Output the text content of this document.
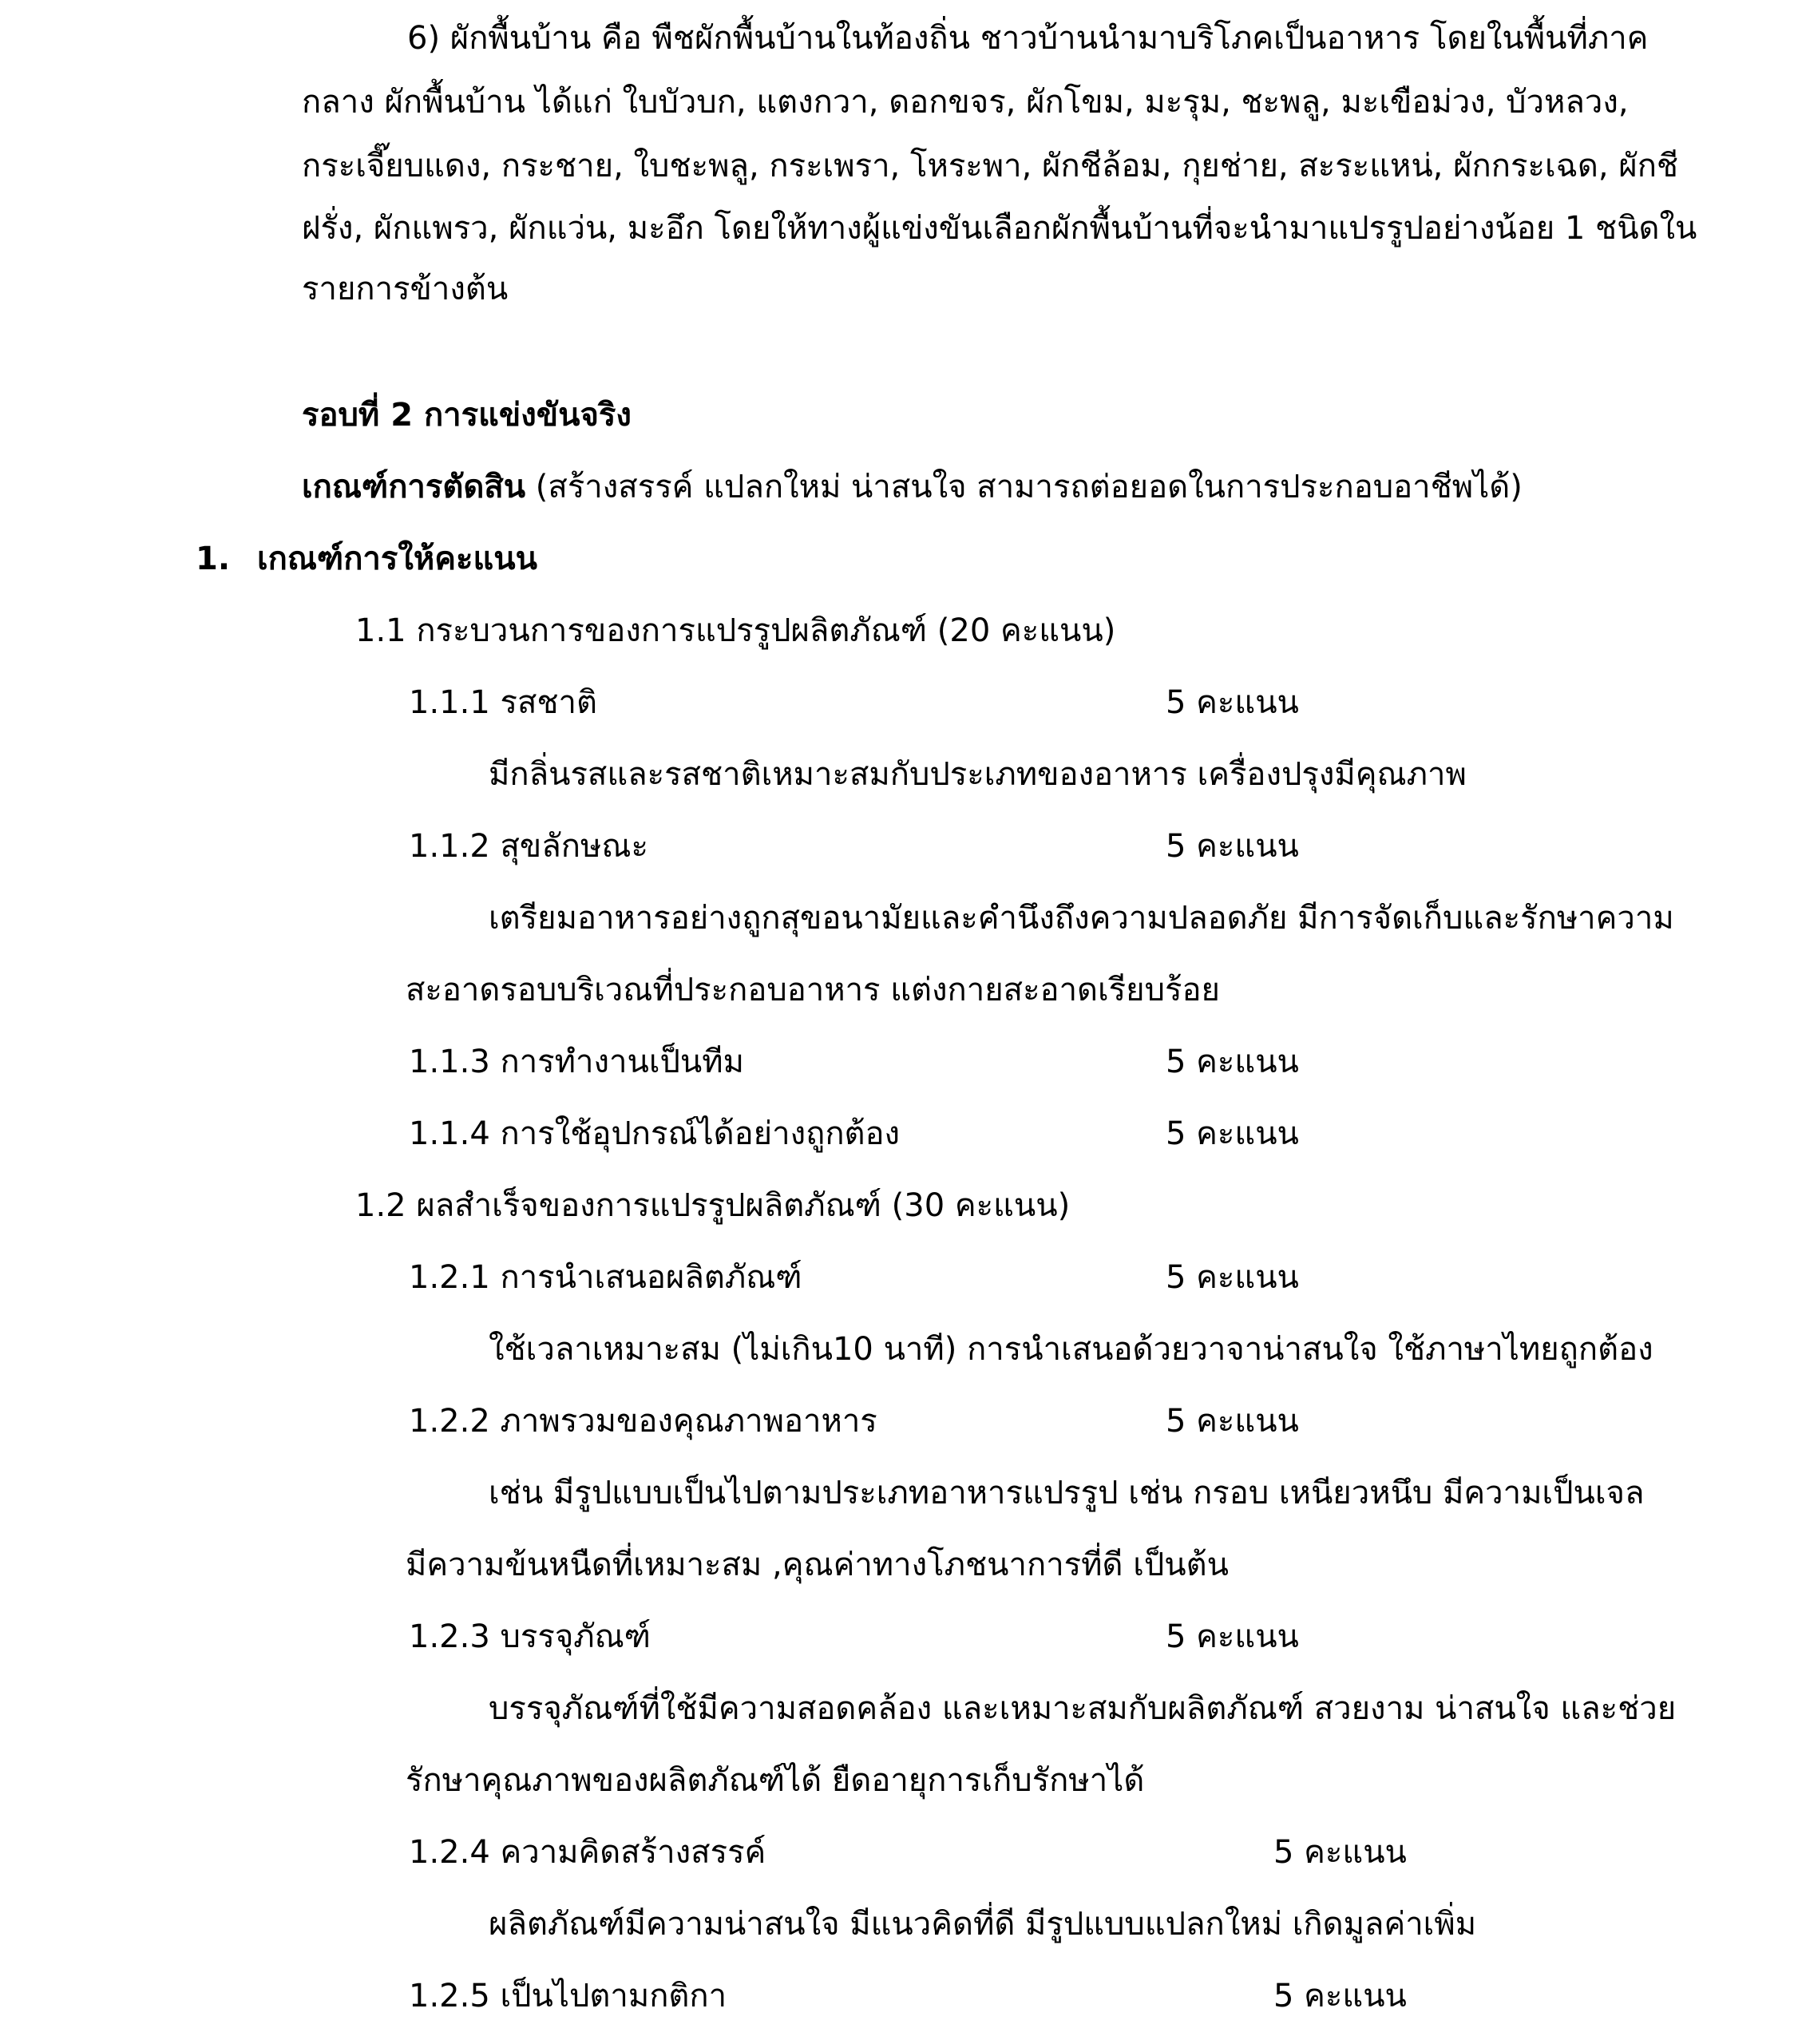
6) ผักพื้นบ้าน คือ พืชผักพื้นบ้านในท้องถิ่น ชาวบ้านนำมาบริโภคเป็นอาหาร โดยในพื้นที่ภาค
กลาง ผักพื้นบ้าน ได้แก่ ใบบัวบก, แตงกวา, ดอกขจร, ผักโขม, มะรุม, ชะพลู, มะเขือม่วง, บัวหลวง,
กระเจี๊ยบแดง, กระชาย, ใบชะพลู, กระเพรา, โหระพา, ผักชีล้อม, กุยช่าย, สะระแหน่, ผักกระเฉด, ผักชี
ฝรั่ง, ผักแพรว, ผักแว่น, มะอึก โดยให้ทางผู้แข่งขันเลือกผักพื้นบ้านที่จะนำมาแปรรูปอย่างน้อย 1 ชนิดใน
รายการข้างต้น
รอบที่ 2 การแข่งขันจริง
เกณฑ์การตัดสิน (สร้างสรรค์ แปลกใหม่ น่าสนใจ สามารถต่อยอดในการประกอบอาชีพได้)
1. เกณฑ์การให้คะแนน
1.1 กระบวนการของการแปรรูปผลิตภัณฑ์ (20 คะแนน)
1.1.1 รสชาติ	5 คะแนน
มีกลิ่นรสและรสชาติเหมาะสมกับประเภทของอาหาร เครื่องปรุงมีคุณภาพ
1.1.2 สุขลักษณะ	5 คะแนน
เตรียมอาหารอย่างถูกสุขอนามัยและคำนึงถึงความปลอดภัย มีการจัดเก็บและรักษาความ
สะอาดรอบบริเวณที่ประกอบอาหาร แต่งกายสะอาดเรียบร้อย
1.1.3 การทำงานเป็นทีม	5 คะแนน
1.1.4 การใช้อุปกรณ์ได้อย่างถูกต้อง	5 คะแนน
1.2 ผลสำเร็จของการแปรรูปผลิตภัณฑ์ (30 คะแนน)
1.2.1 การนำเสนอผลิตภัณฑ์	5 คะแนน
ใช้เวลาเหมาะสม (ไม่เกิน10 นาที) การนำเสนอด้วยวาจาน่าสนใจ ใช้ภาษาไทยถูกต้อง
1.2.2 ภาพรวมของคุณภาพอาหาร	5 คะแนน
เช่น มีรูปแบบเป็นไปตามประเภทอาหารแปรรูป เช่น กรอบ เหนียวหนึบ มีความเป็นเจล
มีความข้นหนืดที่เหมาะสม ,คุณค่าทางโภชนาการที่ดี เป็นต้น
1.2.3 บรรจุภัณฑ์	5 คะแนน
บรรจุภัณฑ์ที่ใช้มีความสอดคล้อง และเหมาะสมกับผลิตภัณฑ์ สวยงาม น่าสนใจ และช่วย
รักษาคุณภาพของผลิตภัณฑ์ได้ ยืดอายุการเก็บรักษาได้
1.2.4 ความคิดสร้างสรรค์	5 คะแนน
ผลิตภัณฑ์มีความน่าสนใจ มีแนวคิดที่ดี มีรูปแบบแปลกใหม่ เกิดมูลค่าเพิ่ม
1.2.5 เป็นไปตามกติกา	5 คะแนน
